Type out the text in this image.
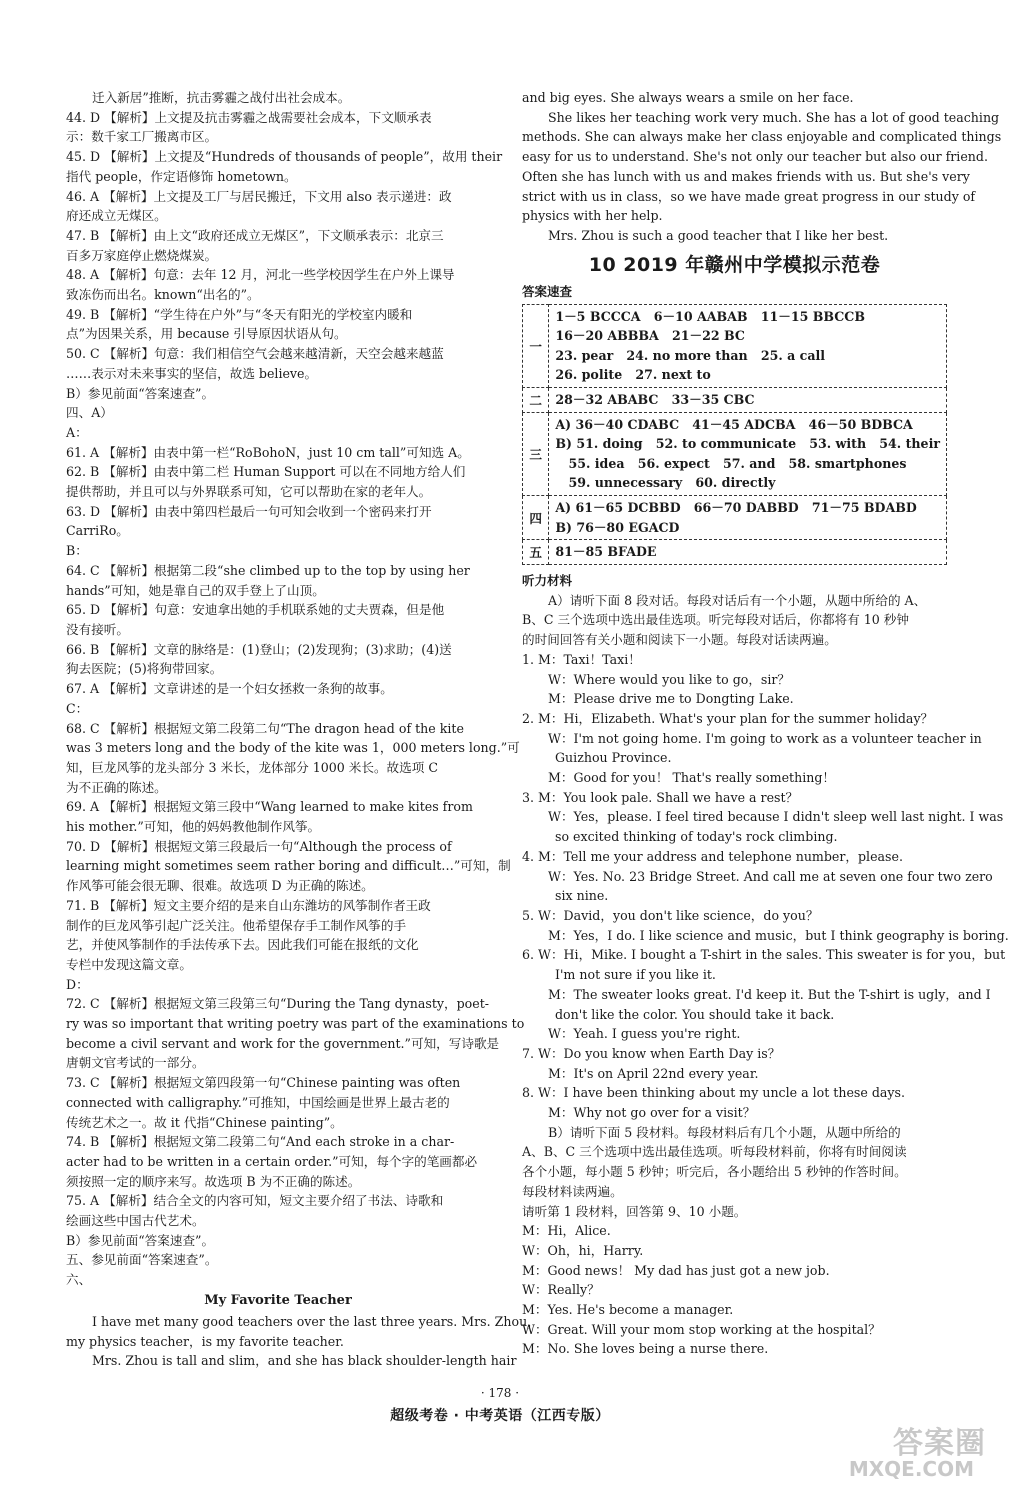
迁入新居”推断，抗击雾霾之战付出社会成本。
44. D 【解析】上文提及抗击雾霾之战需要社会成本，下文顺承表
示：数千家工厂搬离市区。
45. D 【解析】上文提及“Hundreds of thousands of people”，故用 their
指代 people，作定语修饰 hometown。
46. A 【解析】上文提及工厂与居民搬迁，下文用 also 表示递进：政
府还成立无煤区。
47. B 【解析】由上文“政府还成立无煤区”，下文顺承表示：北京三
百多万家庭停止燃烧煤炭。
48. A 【解析】句意：去年 12 月，河北一些学校因学生在户外上课导
致冻伤而出名。known“出名的”。
49. B 【解析】“学生待在户外”与“冬天有阳光的学校室内暖和
点”为因果关系，用 because 引导原因状语从句。
50. C 【解析】句意：我们相信空气会越来越清新，天空会越来越蓝
……表示对未来事实的坚信，故选 believe。
B）参见前面“答案速查”。
四、A）
A：
61. A 【解析】由表中第一栏“RoBohoN，just 10 cm tall”可知选 A。
62. B 【解析】由表中第二栏 Human Support 可以在不同地方给人们
提供帮助，并且可以与外界联系可知，它可以帮助在家的老年人。
63. D 【解析】由表中第四栏最后一句可知会收到一个密码来打开
CarriRo。
B：
64. C 【解析】根据第二段“she climbed up to the top by using her
hands”可知，她是靠自己的双手登上了山顶。
65. D 【解析】句意：安迪拿出她的手机联系她的丈夫贾森，但是他
没有接听。
66. B 【解析】文章的脉络是：(1)登山；(2)发现狗；(3)求助；(4)送
狗去医院；(5)将狗带回家。
67. A 【解析】文章讲述的是一个妇女拯救一条狗的故事。
C：
68. C 【解析】根据短文第二段第二句“The dragon head of the kite
was 3 meters long and the body of the kite was 1，000 meters long.”可
知，巨龙风筝的龙头部分 3 米长，龙体部分 1000 米长。故选项 C
为不正确的陈述。
69. A 【解析】根据短文第三段中“Wang learned to make kites from
his mother.”可知，他的妈妈教他制作风筝。
70. D 【解析】根据短文第三段最后一句“Although the process of
learning might sometimes seem rather boring and difficult…”可知，制
作风筝可能会很无聊、很难。故选项 D 为正确的陈述。
71. B 【解析】短文主要介绍的是来自山东潍坊的风筝制作者王政
制作的巨龙风筝引起广泛关注。他希望保存手工制作风筝的手
艺，并使风筝制作的手法传承下去。因此我们可能在报纸的文化
专栏中发现这篇文章。
D：
72. C 【解析】根据短文第三段第三句“During the Tang dynasty，poet-
ry was so important that writing poetry was part of the examinations to
become a civil servant and work for the government.”可知，写诗歌是
唐朝文官考试的一部分。
73. C 【解析】根据短文第四段第一句“Chinese painting was often
connected with calligraphy.”可推知，中国绘画是世界上最古老的
传统艺术之一。故 it 代指“Chinese painting”。
74. B 【解析】根据短文第二段第二句“And each stroke in a char-
acter had to be written in a certain order.”可知，每个字的笔画都必
须按照一定的顺序来写。故选项 B 为不正确的陈述。
75. A 【解析】结合全文的内容可知，短文主要介绍了书法、诗歌和
绘画这些中国古代艺术。
B）参见前面“答案速查”。
五、参见前面“答案速查”。
六、
My Favorite Teacher
I have met many good teachers over the last three years. Mrs. Zhou，
my physics teacher，is my favorite teacher.
Mrs. Zhou is tall and slim，and she has black shoulder-length hair
and big eyes. She always wears a smile on her face.
She likes her teaching work very much. She has a lot of good teaching
methods. She can always make her class enjoyable and complicated things
easy for us to understand. She's not only our teacher but also our friend.
Often she has lunch with us and makes friends with us. But she's very
strict with us in class，so we have made great progress in our study of
physics with her help.
Mrs. Zhou is such a good teacher that I like her best.
10 2019 年赣州中学模拟示范卷
答案速查
一	1－5 BCCCA   6－10 AABAB   11－15 BBCCB
16－20 ABBBA   21－22 BC
23. pear   24. no more than   25. a call
26. polite   27. next to

二	28－32 ABABC   33－35 CBC

三	A) 36－40 CDABC   41－45 ADCBA   46－50 BDBCA
B) 51. doing   52. to communicate   53. with   54. their
55. idea   56. expect   57. and   58. smartphones
59. unnecessary   60. directly

四	A) 61－65 DCBBD   66－70 DABBD   71－75 BDABD
B) 76－80 EGACD

五	81－85 BFADE
听力材料
A）请听下面 8 段对话。每段对话后有一个小题，从题中所给的 A、
B、C 三个选项中选出最佳选项。听完每段对话后，你都将有 10 秒钟
的时间回答有关小题和阅读下一小题。每段对话读两遍。
1. M：Taxi！Taxi！
W：Where would you like to go，sir？
M：Please drive me to Dongting Lake.
2. M：Hi，Elizabeth. What's your plan for the summer holiday？
W：I'm not going home. I'm going to work as a volunteer teacher in
Guizhou Province.
M：Good for you！ That's really something！
3. M：You look pale. Shall we have a rest？
W：Yes，please. I feel tired because I didn't sleep well last night. I was
so excited thinking of today's rock climbing.
4. M：Tell me your address and telephone number，please.
W：Yes. No. 23 Bridge Street. And call me at seven one four two zero
six nine.
5. W：David，you don't like science，do you？
M：Yes，I do. I like science and music，but I think geography is boring.
6. W：Hi，Mike. I bought a T-shirt in the sales. This sweater is for you，but
I'm not sure if you like it.
M：The sweater looks great. I'd keep it. But the T-shirt is ugly，and I
don't like the color. You should take it back.
W：Yeah. I guess you're right.
7. W：Do you know when Earth Day is？
M：It's on April 22nd every year.
8. W：I have been thinking about my uncle a lot these days.
M：Why not go over for a visit？
B）请听下面 5 段材料。每段材料后有几个小题，从题中所给的
A、B、C 三个选项中选出最佳选项。听每段材料前，你将有时间阅读
各个小题，每小题 5 秒钟；听完后，各小题给出 5 秒钟的作答时间。
每段材料读两遍。
请听第 1 段材料，回答第 9、10 小题。
M：Hi，Alice.
W：Oh，hi，Harry.
M：Good news！ My dad has just got a new job.
W：Really？
M：Yes. He's become a manager.
W：Great. Will your mom stop working at the hospital？
M：No. She loves being a nurse there.
· 178 ·
超级考卷 · 中考英语（江西专版）
答案圈
MXQE.COM
